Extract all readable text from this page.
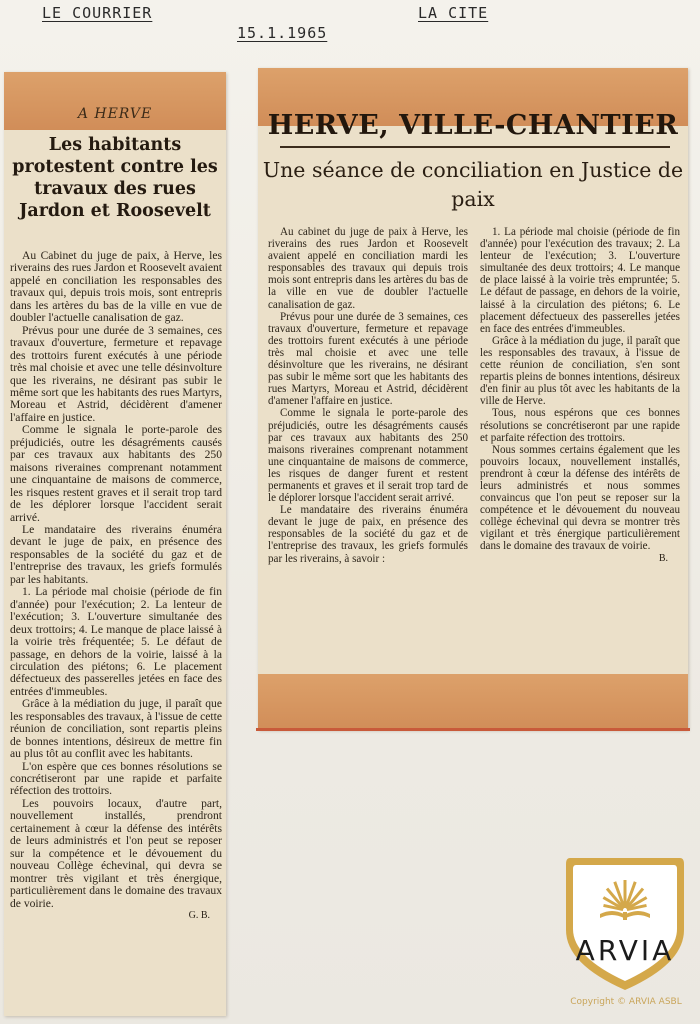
LE COURRIER
15.1.1965
LA CITE
A HERVE
Les habitants protestent contre les travaux des rues Jardon et Roosevelt

Au Cabinet du juge de paix, à Herve, les riverains des rues Jardon et Roosevelt avaient appelé en conciliation les responsables des travaux qui, depuis trois mois, sont entrepris dans les artères du bas de la ville en vue de doubler l'actuelle canalisation de gaz.

Prévus pour une durée de 3 semaines, ces travaux d'ouverture, fermeture et repavage des trottoirs furent exécutés à une période très mal choisie et avec une telle désinvolture que les riverains, ne désirant pas subir le même sort que les habitants des rues Martyrs, Moreau et Astrid, décidèrent d'amener l'affaire en justice.

Comme le signala le porte-parole des préjudiciés, outre les désagréments causés par ces travaux aux habitants des 250 maisons riveraines comprenant notamment une cinquantaine de maisons de commerce, les risques restent graves et il serait trop tard de les déplorer lorsque l'accident serait arrivé.

Le mandataire des riverains énuméra devant le juge de paix, en présence des responsables de la société du gaz et de l'entreprise des travaux, les griefs formulés par les habitants.

1. La période mal choisie (période de fin d'année) pour l'exécution; 2. La lenteur de l'exécution; 3. L'ouverture simultanée des deux trottoirs; 4. Le manque de place laissé à la voirie très fréquentée; 5. Le défaut de passage, en dehors de la voirie, laissé à la circulation des piétons; 6. Le placement défectueux des passerelles jetées en face des entrées d'immeubles.

Grâce à la médiation du juge, il paraît que les responsables des travaux, à l'issue de cette réunion de conciliation, sont repartis pleins de bonnes intentions, désireux de mettre fin au plus tôt au conflit avec les habitants.

L'on espère que ces bonnes résolutions se concrétiseront par une rapide et parfaite réfection des trottoirs.

Les pouvoirs locaux, d'autre part, nouvellement installés, prendront certainement à cœur la défense des intérêts de leurs administrés et l'on peut se reposer sur la compétence et le dévouement du nouveau Collège échevinal, qui devra se montrer très vigilant et très énergique, particulièrement dans le domaine des travaux de voirie.

G. B.
HERVE, VILLE-CHANTIER
Une séance de conciliation en Justice de paix

Au cabinet du juge de paix à Herve, les riverains des rues Jardon et Roosevelt avaient appelé en conciliation mardi les responsables des travaux qui depuis trois mois sont entrepris dans les artères du bas de la ville en vue de doubler l'actuelle canalisation de gaz.

Prévus pour une durée de 3 semaines, ces travaux d'ouverture, fermeture et repavage des trottoirs furent exécutés à une période très mal choisie et avec une telle désinvolture que les riverains, ne désirant pas subir le même sort que les habitants des rues Martyrs, Moreau et Astrid, décidèrent d'amener l'affaire en justice.

Comme le signala le porte-parole des préjudiciés, outre les désagréments causés par ces travaux aux habitants des 250 maisons riveraines comprenant notamment une cinquantaine de maisons de commerce, les risques de danger furent et restent permanents et graves et il serait trop tard de le déplorer lorsque l'accident serait arrivé.

Le mandataire des riverains énuméra devant le juge de paix, en présence des responsables de la société du gaz et de l'entreprise des travaux, les griefs formulés par les riverains, à savoir :

1. La période mal choisie (période de fin d'année) pour l'exécution des travaux; 2. La lenteur de l'exécution; 3. L'ouverture simultanée des deux trottoirs; 4. Le manque de place laissé à la voirie très empruntée; 5. Le défaut de passage, en dehors de la voirie, laissé à la circulation des piétons; 6. Le placement défectueux des passerelles jetées en face des entrées d'immeubles.

Grâce à la médiation du juge, il paraît que les responsables des travaux, à l'issue de cette réunion de conciliation, s'en sont repartis pleins de bonnes intentions, désireux d'en finir au plus tôt avec les habitants de la ville de Herve.

Tous, nous espérons que ces bonnes résolutions se concrétiseront par une rapide et parfaite réfection des trottoirs.

Nous sommes certains également que les pouvoirs locaux, nouvellement installés, prendront à cœur la défense des intérêts de leurs administrés et nous sommes convaincus que l'on peut se reposer sur la compétence et le dévouement du nouveau collège échevinal qui devra se montrer très vigilant et très énergique particulièrement dans le domaine des travaux de voirie.

B.
ARVIA
Copyright © ARVIA ASBL
